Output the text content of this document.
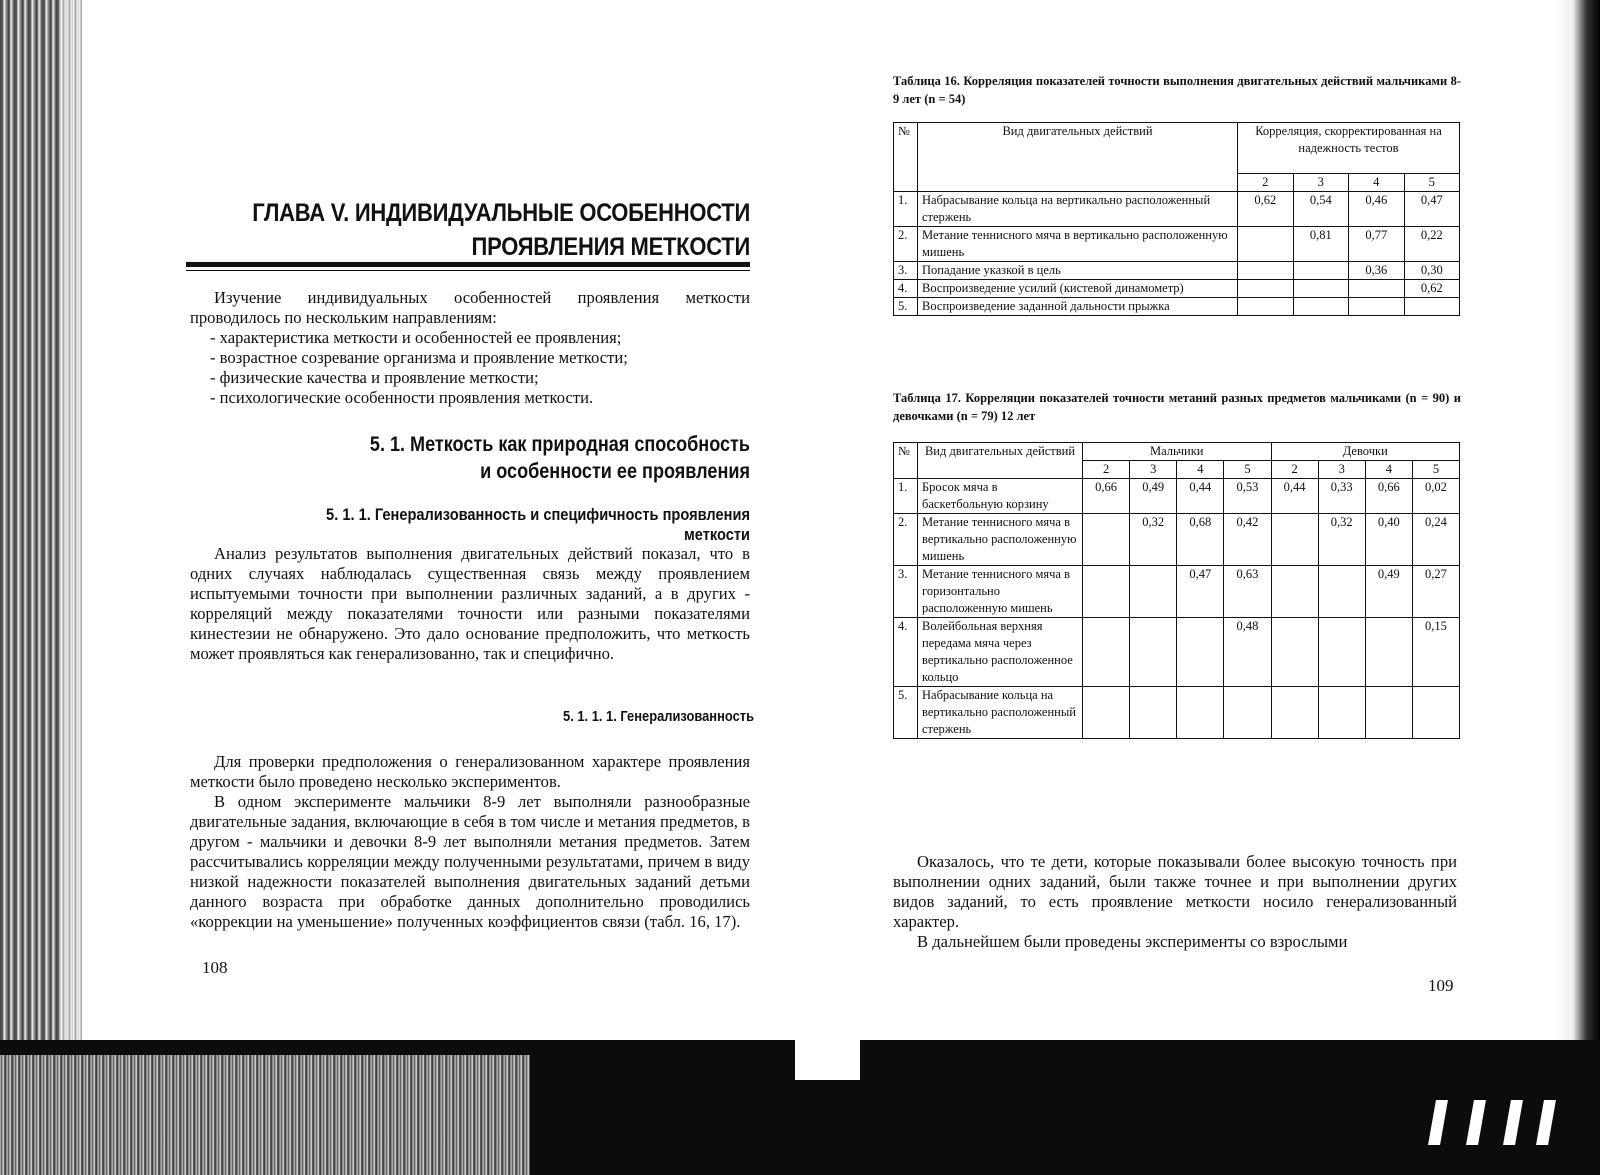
ГЛАВА V. ИНДИВИДУАЛЬНЫЕ ОСОБЕННОСТИ
ПРОЯВЛЕНИЯ МЕТКОСТИ
Изучение индивидуальных особенностей проявления меткости проводилось по нескольким направлениям:
- характеристика меткости и особенностей ее проявления;
- возрастное созревание организма и проявление меткости;
- физические качества и проявление меткости;
- психологические особенности проявления меткости.
5. 1. Меткость как природная способность
и особенности ее проявления
5. 1. 1. Генерализованность и специфичность проявления меткости
Анализ результатов выполнения двигательных действий показал, что в одних случаях наблюдалась существенная связь между проявлением испытуемыми точности при выполнении различных заданий, а в других - корреляций между показателями точности или разными показателями кинестезии не обнаружено. Это дало основание предположить, что меткость может проявляться как генерализованно, так и специфично.
5. 1. 1. 1. Генерализованность
Для проверки предположения о генерализованном характере проявления меткости было проведено несколько экспериментов.
В одном эксперименте мальчики 8-9 лет выполняли разнообразные двигательные задания, включающие в себя в том числе и метания предметов, в другом - мальчики и девочки 8-9 лет выполняли метания предметов. Затем рассчитывались корреляции между полученными результатами, причем в виду низкой надежности показателей выполнения двигательных заданий детьми данного возраста при обработке данных дополнительно проводились «коррекции на уменьшение» полученных коэффициентов связи (табл. 16, 17).
108
Таблица 16. Корреляция показателей точности выполнения двигательных действий мальчиками 8-9 лет (n = 54)
№	Вид двигательных действий	Корреляция, скорректированная на надежность тестов			
		2	3	4	5
1.	Набрасывание кольца на вертикально расположенный стержень	0,62	0,54	0,46	0,47
2.	Метание теннисного мяча в вертикально расположенную мишень		0,81	0,77	0,22
3.	Попадание указкой в цель			0,36	0,30
4.	Воспроизведение усилий (кистевой динамометр)				0,62
5.	Воспроизведение заданной дальности прыжка				
Таблица 17. Корреляции показателей точности метаний разных предметов мальчиками (n = 90) и девочками (n = 79) 12 лет
№	Вид двигательных действий	Мальчики				Девочки			
		2	3	4	5	2	3	4	5
1.	Бросок мяча в баскетбольную корзину	0,66	0,49	0,44	0,53	0,44	0,33	0,66	0,02
2.	Метание теннисного мяча в вертикально расположенную мишень		0,32	0,68	0,42		0,32	0,40	0,24
3.	Метание теннисного мяча в горизонтально расположенную мишень			0,47	0,63			0,49	0,27
4.	Волейбольная верхняя передама мяча через вертикально расположенное кольцо				0,48				0,15
5.	Набрасывание кольца на вертикально расположенный стержень								
Оказалось, что те дети, которые показывали более высокую точность при выполнении одних заданий, были также точнее и при выполнении других видов заданий, то есть проявление меткости носило генерализованный характер.
В дальнейшем были проведены эксперименты со взрослыми
109
